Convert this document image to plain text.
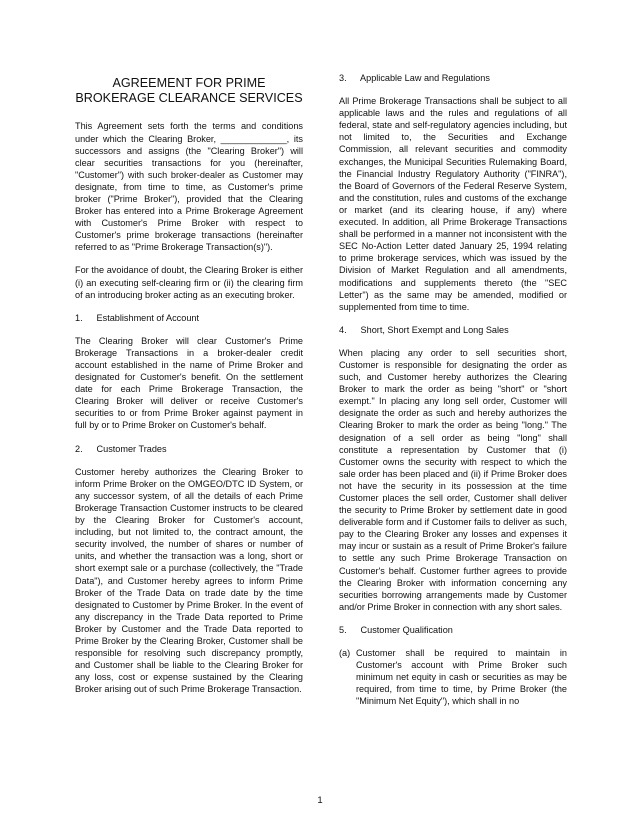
AGREEMENT FOR PRIME BROKERAGE CLEARANCE SERVICES

This Agreement sets forth the terms and conditions under which the Clearing Broker, _____________, its successors and assigns (the "Clearing Broker") will clear securities transactions for you (hereinafter, "Customer") with such broker-dealer as Customer may designate, from time to time, as Customer's prime broker ("Prime Broker"), provided that the Clearing Broker has entered into a Prime Brokerage Agreement with Customer's Prime Broker with respect to Customer's prime brokerage transactions (hereinafter referred to as "Prime Brokerage Transaction(s)").

For the avoidance of doubt, the Clearing Broker is either (i) an executing self-clearing firm or (ii) the clearing firm of an introducing broker acting as an executing broker.

1. Establishment of Account

The Clearing Broker will clear Customer's Prime Brokerage Transactions in a broker-dealer credit account established in the name of Prime Broker and designated for Customer's benefit. On the settlement date for each Prime Brokerage Transaction, the Clearing Broker will deliver or receive Customer's securities to or from Prime Broker against payment in full by or to Prime Broker on Customer's behalf.

2. Customer Trades

Customer hereby authorizes the Clearing Broker to inform Prime Broker on the OMGEO/DTC ID System, or any successor system, of all the details of each Prime Brokerage Transaction Customer instructs to be cleared by the Clearing Broker for Customer's account, including, but not limited to, the contract amount, the security involved, the number of shares or number of units, and whether the transaction was a long, short or short exempt sale or a purchase (collectively, the "Trade Data"), and Customer hereby agrees to inform Prime Broker of the Trade Data on trade date by the time designated to Customer by Prime Broker. In the event of any discrepancy in the Trade Data reported to Prime Broker by Customer and the Trade Data reported to Prime Broker by the Clearing Broker, Customer shall be responsible for resolving such discrepancy promptly, and Customer shall be liable to the Clearing Broker for any loss, cost or expense sustained by the Clearing Broker arising out of such Prime Brokerage Transaction.

3. Applicable Law and Regulations

All Prime Brokerage Transactions shall be subject to all applicable laws and the rules and regulations of all federal, state and self-regulatory agencies including, but not limited to, the Securities and Exchange Commission, all relevant securities and commodity exchanges, the Municipal Securities Rulemaking Board, the Financial Industry Regulatory Authority ("FINRA"), the Board of Governors of the Federal Reserve System, and the constitution, rules and customs of the exchange or market (and its clearing house, if any) where executed. In addition, all Prime Brokerage Transactions shall be performed in a manner not inconsistent with the SEC No-Action Letter dated January 25, 1994 relating to prime brokerage services, which was issued by the Division of Market Regulation and all amendments, modifications and supplements thereto (the "SEC Letter") as the same may be amended, modified or supplemented from time to time.

4. Short, Short Exempt and Long Sales

When placing any order to sell securities short, Customer is responsible for designating the order as such, and Customer hereby authorizes the Clearing Broker to mark the order as being "short" or "short exempt." In placing any long sell order, Customer will designate the order as such and hereby authorizes the Clearing Broker to mark the order as being "long." The designation of a sell order as being "long" shall constitute a representation by Customer that (i) Customer owns the security with respect to which the sale order has been placed and (ii) if Prime Broker does not have the security in its possession at the time Customer places the sell order, Customer shall deliver the security to Prime Broker by settlement date in good deliverable form and if Customer fails to deliver as such, pay to the Clearing Broker any losses and expenses it may incur or sustain as a result of Prime Broker's failure to settle any such Prime Brokerage Transaction on Customer's behalf. Customer further agrees to provide the Clearing Broker with information concerning any securities borrowing arrangements made by Customer and/or Prime Broker in connection with any short sales.

5. Customer Qualification
(a) Customer shall be required to maintain in Customer's account with Prime Broker such minimum net equity in cash or securities as may be required, from time to time, by Prime Broker (the "Minimum Net Equity"), which shall in no
1
